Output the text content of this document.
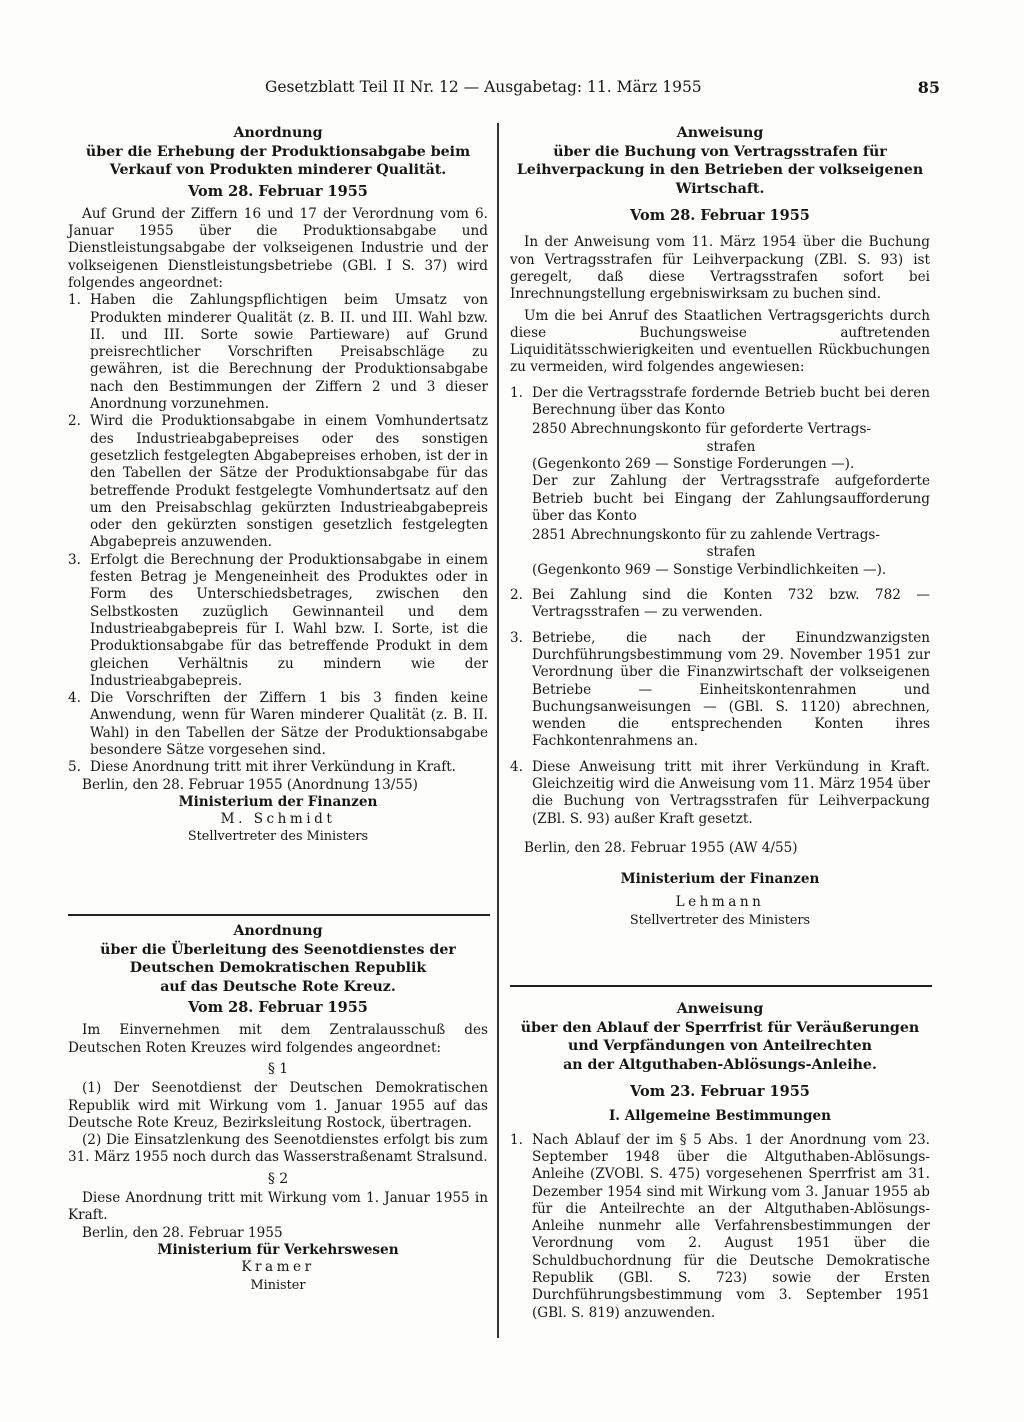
Gesetzblatt Teil II Nr. 12 — Ausgabetag: 11. März 1955	85
Anordnung
über die Erhebung der Produktionsabgabe beim
Verkauf von Produkten minderer Qualität.
Vom 28. Februar 1955

Auf Grund der Ziffern 16 und 17 der Verordnung vom 6. Januar 1955 über die Produktionsabgabe und Dienstleistungsabgabe der volkseigenen Industrie und der volkseigenen Dienstleistungsbetriebe (GBl. I S. 37) wird folgendes angeordnet:

1. Haben die Zahlungspflichtigen beim Umsatz von Produkten minderer Qualität (z. B. II. und III. Wahl bzw. II. und III. Sorte sowie Partieware) auf Grund preisrechtlicher Vorschriften Preisabschläge zu gewähren, ist die Berechnung der Produktionsabgabe nach den Bestimmungen der Ziffern 2 und 3 dieser Anordnung vorzunehmen.
2. Wird die Produktionsabgabe in einem Vomhundertsatz des Industrieabgabepreises oder des sonstigen gesetzlich festgelegten Abgabepreises erhoben, ist der in den Tabellen der Sätze der Produktionsabgabe für das betreffende Produkt festgelegte Vomhundertsatz auf den um den Preisabschlag gekürzten Industrieabgabepreis oder den gekürzten sonstigen gesetzlich festgelegten Abgabepreis anzuwenden.
3. Erfolgt die Berechnung der Produktionsabgabe in einem festen Betrag je Mengeneinheit des Produktes oder in Form des Unterschiedsbetrages, zwischen den Selbstkosten zuzüglich Gewinnanteil und dem Industrieabgabepreis für I. Wahl bzw. I. Sorte, ist die Produktionsabgabe für das betreffende Produkt in dem gleichen Verhältnis zu mindern wie der Industrieabgabepreis.
4. Die Vorschriften der Ziffern 1 bis 3 finden keine Anwendung, wenn für Waren minderer Qualität (z. B. II. Wahl) in den Tabellen der Sätze der Produktionsabgabe besondere Sätze vorgesehen sind.
5. Diese Anordnung tritt mit ihrer Verkündung in Kraft.

Berlin, den 28. Februar 1955 (Anordnung 13/55)

Ministerium der Finanzen
M. Schmidt
Stellvertreter des Ministers
Anordnung
über die Überleitung des Seenotdienstes der
Deutschen Demokratischen Republik
auf das Deutsche Rote Kreuz.
Vom 28. Februar 1955

Im Einvernehmen mit dem Zentralausschuß des Deutschen Roten Kreuzes wird folgendes angeordnet:

§ 1

(1) Der Seenotdienst der Deutschen Demokratischen Republik wird mit Wirkung vom 1. Januar 1955 auf das Deutsche Rote Kreuz, Bezirksleitung Rostock, übertragen.

(2) Die Einsatzlenkung des Seenotdienstes erfolgt bis zum 31. März 1955 noch durch das Wasserstraßenamt Stralsund.

§ 2

Diese Anordnung tritt mit Wirkung vom 1. Januar 1955 in Kraft.

Berlin, den 28. Februar 1955

Ministerium für Verkehrswesen
Kramer
Minister
Anweisung
über die Buchung von Vertragsstrafen für Leihverpackung in den Betrieben der volkseigenen
Wirtschaft.
Vom 28. Februar 1955

In der Anweisung vom 11. März 1954 über die Buchung von Vertragsstrafen für Leihverpackung (ZBl. S. 93) ist geregelt, daß diese Vertragsstrafen sofort bei Inrechnungstellung ergebniswirksam zu buchen sind.

Um die bei Anruf des Staatlichen Vertragsgerichts durch diese Buchungsweise auftretenden Liquiditätsschwierigkeiten und eventuellen Rückbuchungen zu vermeiden, wird folgendes angewiesen:

1. Der die Vertragsstrafe fordernde Betrieb bucht bei deren Berechnung über das Konto
2850 Abrechnungskonto für geforderte Vertrags-
strafen
(Gegenkonto 269 — Sonstige Forderungen —).
Der zur Zahlung der Vertragsstrafe aufgeforderte Betrieb bucht bei Eingang der Zahlungsaufforderung über das Konto
2851 Abrechnungskonto für zu zahlende Vertrags-
strafen
(Gegenkonto 969 — Sonstige Verbindlichkeiten —).
2. Bei Zahlung sind die Konten 732 bzw. 782 — Vertragsstrafen — zu verwenden.
3. Betriebe, die nach der Einundzwanzigsten Durchführungsbestimmung vom 29. November 1951 zur Verordnung über die Finanzwirtschaft der volkseigenen Betriebe — Einheitskontenrahmen und Buchungsanweisungen — (GBl. S. 1120) abrechnen, wenden die entsprechenden Konten ihres Fachkontenrahmens an.
4. Diese Anweisung tritt mit ihrer Verkündung in Kraft. Gleichzeitig wird die Anweisung vom 11. März 1954 über die Buchung von Vertragsstrafen für Leihverpackung (ZBl. S. 93) außer Kraft gesetzt.

Berlin, den 28. Februar 1955 (AW 4/55)

Ministerium der Finanzen
Lehmann
Stellvertreter des Ministers
Anweisung
über den Ablauf der Sperrfrist für Veräußerungen
und Verpfändungen von Anteilrechten
an der Altguthaben-Ablösungs-Anleihe.
Vom 23. Februar 1955
I. Allgemeine Bestimmungen
1. Nach Ablauf der im § 5 Abs. 1 der Anordnung vom 23. September 1948 über die Altguthaben-Ablösungs-Anleihe (ZVOBl. S. 475) vorgesehenen Sperrfrist am 31. Dezember 1954 sind mit Wirkung vom 3. Januar 1955 ab für die Anteilrechte an der Altguthaben-Ablösungs-Anleihe nunmehr alle Verfahrensbestimmungen der Verordnung vom 2. August 1951 über die Schuldbuchordnung für die Deutsche Demokratische Republik (GBl. S. 723) sowie der Ersten Durchführungsbestimmung vom 3. September 1951 (GBl. S. 819) anzuwenden.
